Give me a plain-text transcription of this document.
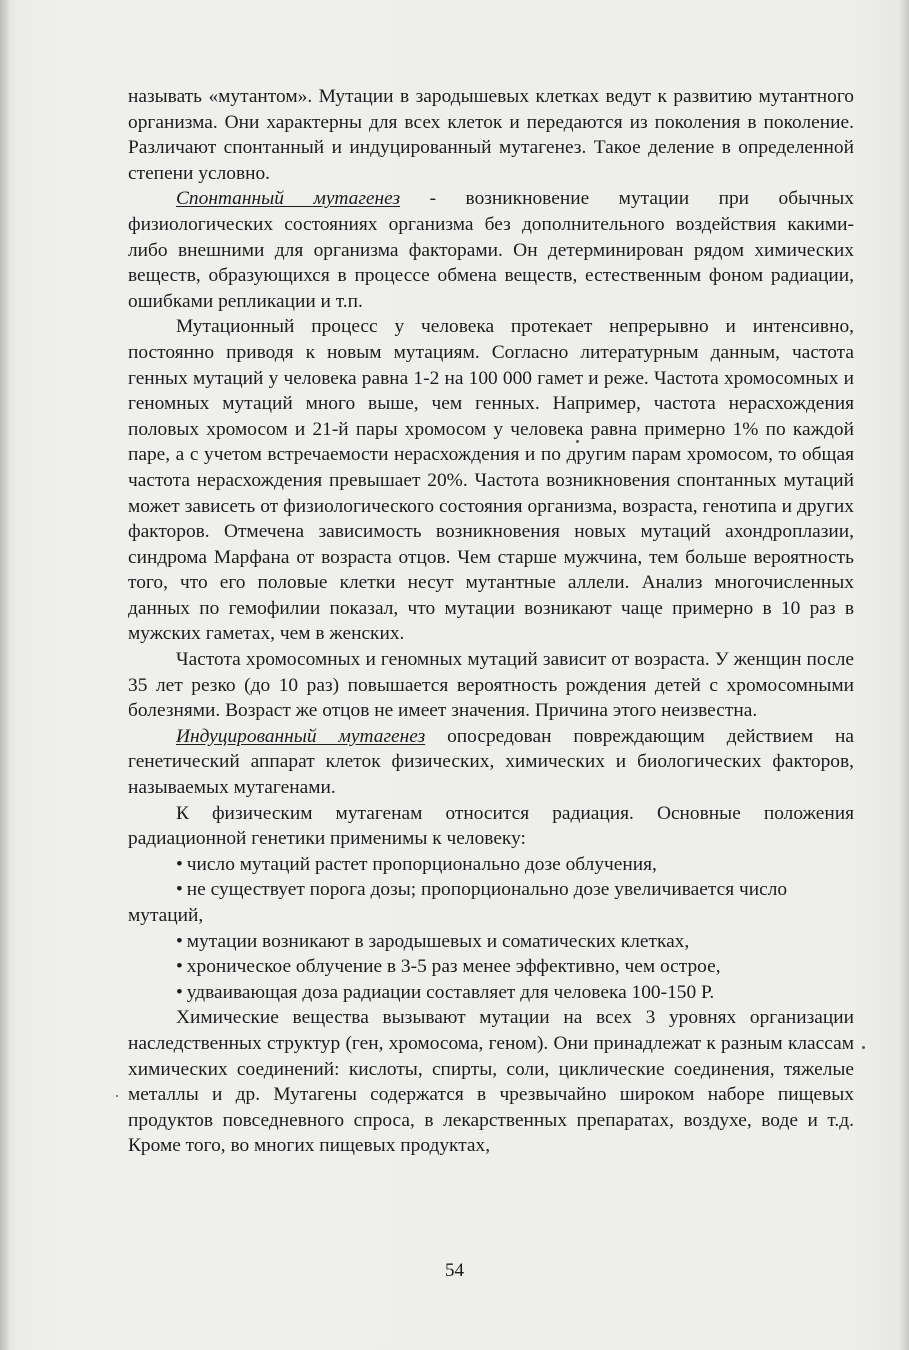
называть «мутантом». Мутации в зародышевых клетках ведут к развитию мутантного организма. Они характерны для всех клеток и передаются из поколения в поколение. Различают спонтанный и индуцированный мутагенез. Такое деление в определенной степени условно.

Спонтанный мутагенез - возникновение мутации при обычных физиологических состояниях организма без дополнительного воздействия какими-либо внешними для организма факторами. Он детерминирован рядом химических веществ, образующихся в процессе обмена веществ, естественным фоном радиации, ошибками репликации и т.п.

Мутационный процесс у человека протекает непрерывно и интенсивно, постоянно приводя к новым мутациям. Согласно литературным данным, частота генных мутаций у человека равна 1-2 на 100 000 гамет и реже. Частота хромосомных и геномных мутаций много выше, чем генных. Например, частота нерасхождения половых хромосом и 21-й пары хромосом у человека равна примерно 1% по каждой паре, а с учетом встречаемости нерасхождения и по другим парам хромосом, то общая частота нерасхождения превышает 20%. Частота возникновения спонтанных мутаций может зависеть от физиологического состояния организма, возраста, генотипа и других факторов. Отмечена зависимость возникновения новых мутаций ахондроплазии, синдрома Марфана от возраста отцов. Чем старше мужчина, тем больше вероятность того, что его половые клетки несут мутантные аллели. Анализ многочисленных данных по гемофилии показал, что мутации возникают чаще примерно в 10 раз в мужских гаметах, чем в женских.

Частота хромосомных и геномных мутаций зависит от возраста. У женщин после 35 лет резко (до 10 раз) повышается вероятность рождения детей с хромосомными болезнями. Возраст же отцов не имеет значения. Причина этого неизвестна.

Индуцированный мутагенез опосредован повреждающим действием на генетический аппарат клеток физических, химических и биологических факторов, называемых мутагенами.

К физическим мутагенам относится радиация. Основные положения радиационной генетики применимы к человеку:

• число мутаций растет пропорционально дозе облучения,

• не существует порога дозы; пропорционально дозе увеличивается число мутаций,

• мутации возникают в зародышевых и соматических клетках,

• хроническое облучение в 3-5 раз менее эффективно, чем острое,

• удваивающая доза радиации составляет для человека 100-150 Р.

Химические вещества вызывают мутации на всех 3 уровнях организации наследственных структур (ген, хромосома, геном). Они принадлежат к разным классам химических соединений: кислоты, спирты, соли, циклические соединения, тяжелые металлы и др. Мутагены содержатся в чрезвычайно широком наборе пищевых продуктов повседневного спроса, в лекарственных препаратах, воздухе, воде и т.д. Кроме того, во многих пищевых продуктах,

54
